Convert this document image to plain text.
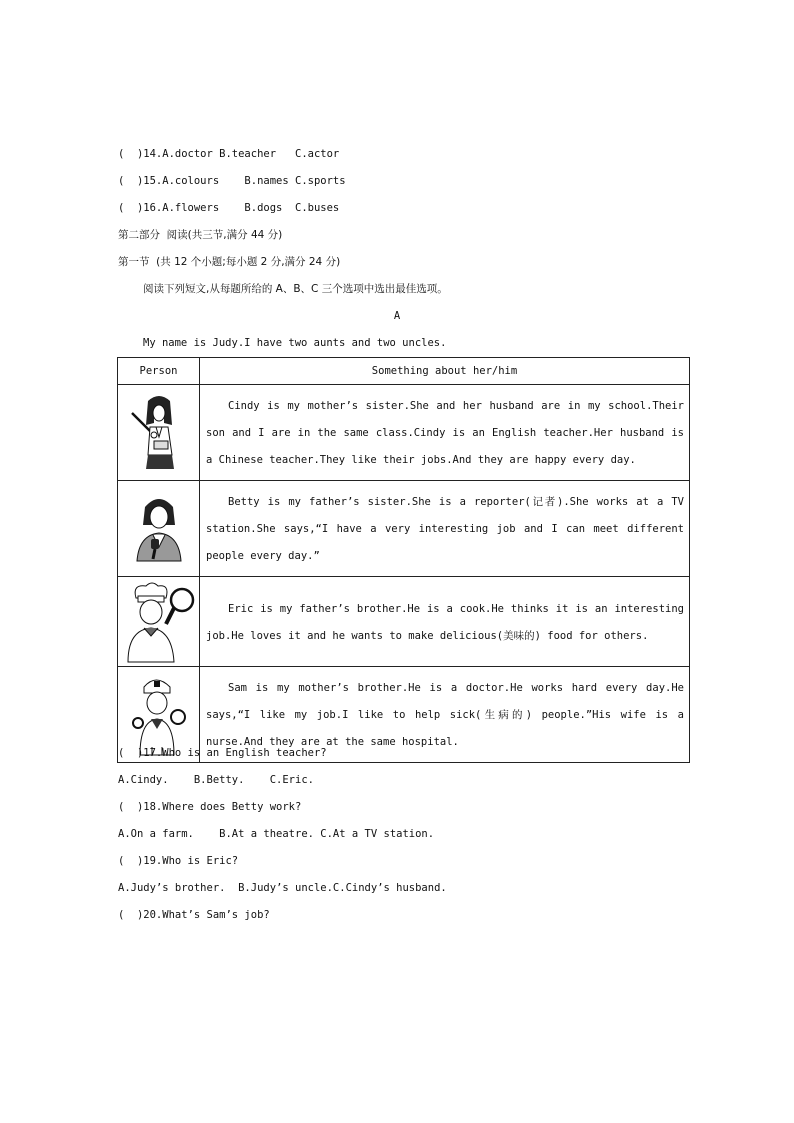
(  )14.A.doctor B.teacher   C.actor
(  )15.A.colours    B.names C.sports
(  )16.A.flowers    B.dogs  C.buses
第二部分  阅读(共三节,满分 44 分)
第一节  (共 12 个小题;每小题 2 分,满分 24 分)
阅读下列短文,从每题所给的 A、B、C 三个选项中选出最佳选项。
A
My name is Judy.I have two aunts and two uncles.
Person	Something about her/him

	Cindy is my mother’s sister.She and her husband are in my school.Their son and I are in the same class.Cindy is an English teacher.Her husband is a Chinese teacher.They like their jobs.And they are happy every day.

	Betty is my father’s sister.She is a reporter(记者).She works at a TV station.She says,“I have a very interesting job and I can meet different people every day.”

	Eric is my father’s brother.He is a cook.He thinks it is an interesting job.He loves it and he wants to make delicious(美味的) food for others.

	Sam is my mother’s brother.He is a doctor.He works hard every day.He says,“I like my job.I like to help sick(生病的) people.”His wife is a nurse.And they are at the same hospital.
(  )17.Who is an English teacher?
A.Cindy.    B.Betty.    C.Eric.
(  )18.Where does Betty work?
A.On a farm.    B.At a theatre. C.At a TV station.
(  )19.Who is Eric?
A.Judy’s brother.  B.Judy’s uncle.C.Cindy’s husband.
(  )20.What’s Sam’s job?
